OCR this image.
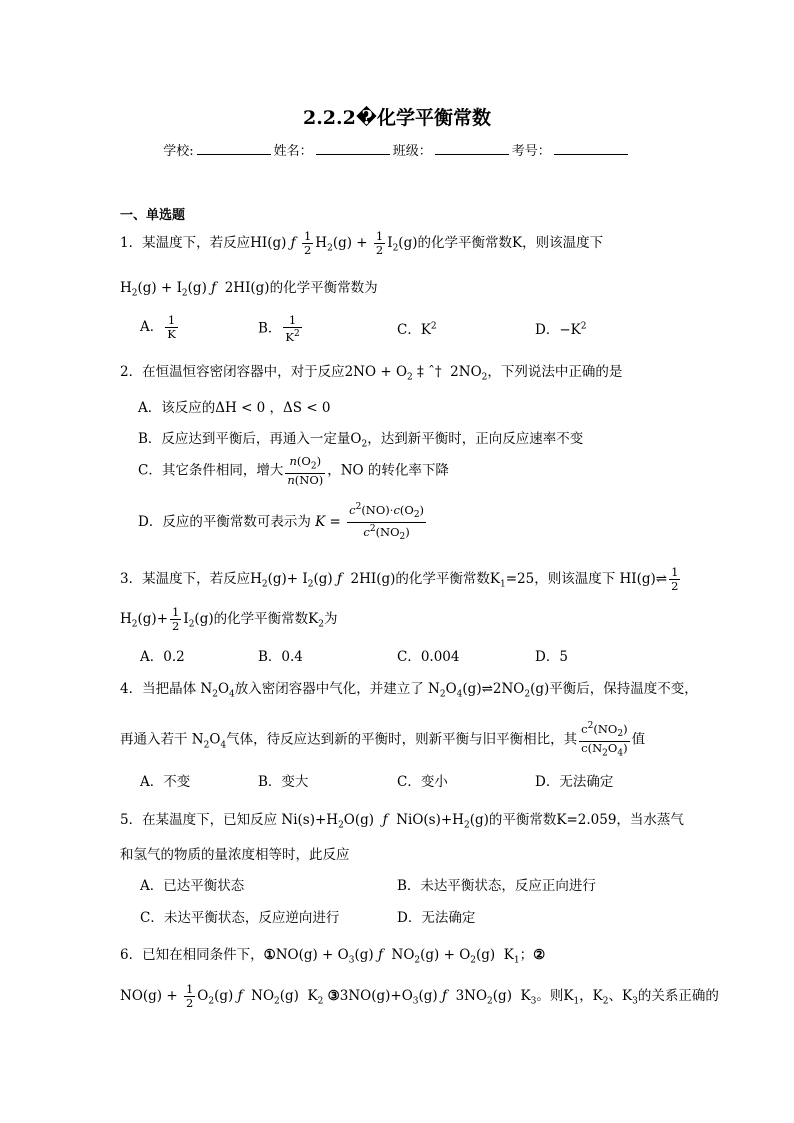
2.2.2�化学平衡常数
学校:	姓名：	班级：	考号：
一、单选题
1．某温度下，若反应HI(g) ƒ $\frac{1}{2} H_2(g) + \frac{1}{2} I_2(g)$的化学平衡常数K，则该温度下
$H_2(g) + I_2(g)$ ƒ  2HI(g)的化学平衡常数为
A． $\frac{1}{K}$	B． $\frac{1}{K^2}$	C．$K^2$	D．$-K^2$
2．在恒温恒容密闭容器中，对于反应$2NO + O_2$ ‡ ˆ†  $2NO_2$，下列说法中正确的是
A．该反应的ΔH < 0 ，ΔS < 0
B．反应达到平衡后，再通入一定量$O_2$，达到新平衡时，正向反应速率不变
C．其它条件相同，增大 $\frac{n(O_2)}{n(NO)}$ ，NO 的转化率下降
D．反应的平衡常数可表示为 $K = \frac{c^2(NO)\cdot c(O_2)}{c^2(NO_2)}$
3．某温度下，若反应$H_2(g)+ I_2(g)$ ƒ  2HI(g)的化学平衡常数$K_1=25$，则该温度下 HI(g)⇌ $\frac{1}{2}$
$H_2(g)+ \frac{1}{2} I_2(g)$的化学平衡常数$K_2$为
A．0.2	B．0.4	C．0.004	D．5
4．当把晶体 $N_2O_4$放入密闭容器中气化，并建立了 $N_2O_4(g)\rightleftharpoons 2NO_2(g)$平衡后，保持温度不变，
再通入若干 $N_2O_4$气体，待反应达到新的平衡时，则新平衡与旧平衡相比，其 $\frac{c^2(NO_2)}{c(N_2O_4)}$ 值
A．不变	B．变大	C．变小	D．无法确定
5．在某温度下，已知反应 $Ni(s)+H_2O(g)$  ƒ  $NiO(s)+H_2(g)$的平衡常数K=2.059，当水蒸气
和氢气的物质的量浓度相等时，此反应
A．已达平衡状态	B．未达平衡状态，反应正向进行
C．未达平衡状态，反应逆向进行	D．无法确定
6．已知在相同条件下，①NO(g) + $O_3(g)$ ƒ  $NO_2(g) + O_2(g)$  $K_1$；②
$NO(g) + \frac{1}{2} O_2(g)$ ƒ  $NO_2(g)$  $K_2$ $③3NO(g)+O_3(g)$ ƒ  $3NO_2(g)$  $K_3$。则$K_1$，$K_2$、$K_3$的关系正确的
